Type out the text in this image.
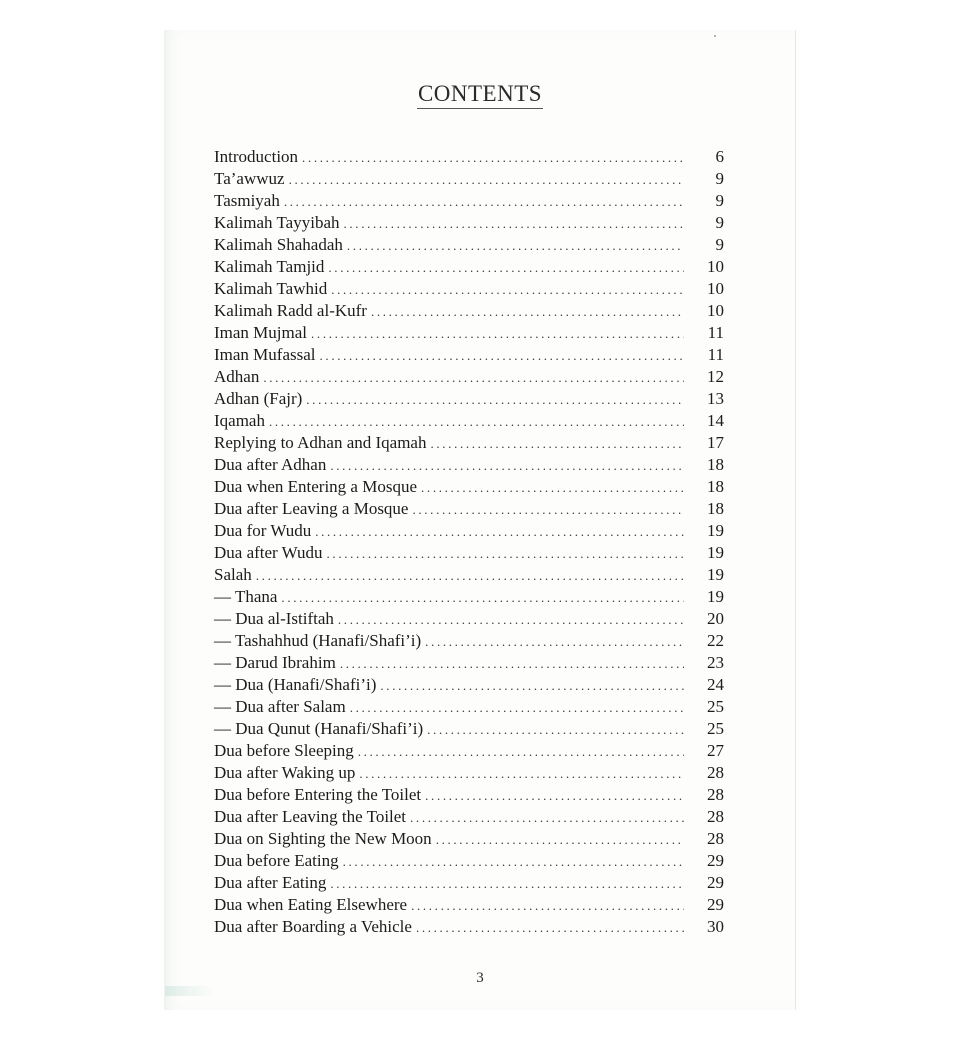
CONTENTS
Introduction . . .	6
Ta’awwuz . . .	9
Tasmiyah . . .	9
Kalimah Tayyibah . . .	9
Kalimah Shahadah . . .	9
Kalimah Tamjid . . .	10
Kalimah Tawhid . . .	10
Kalimah Radd al-Kufr . . .	10
Iman Mujmal . . .	11
Iman Mufassal . . .	11
Adhan . . .	12
Adhan (Fajr) . . .	13
Iqamah . . .	14
Replying to Adhan and Iqamah . . .	17
Dua after Adhan . . .	18
Dua when Entering a Mosque . . .	18
Dua after Leaving a Mosque . . .	18
Dua for Wudu . . .	19
Dua after Wudu . . .	19
Salah . . .	19
— Thana . . .	19
— Dua al-Istiftah . . .	20
— Tashahhud (Hanafi/Shafi’i) . . .	22
— Darud Ibrahim . . .	23
— Dua (Hanafi/Shafi’i) . . .	24
— Dua after Salam . . .	25
— Dua Qunut (Hanafi/Shafi’i) . . .	25
Dua before Sleeping . . .	27
Dua after Waking up . . .	28
Dua before Entering the Toilet . . .	28
Dua after Leaving the Toilet . . .	28
Dua on Sighting the New Moon . . .	28
Dua before Eating . . .	29
Dua after Eating . . .	29
Dua when Eating Elsewhere . . .	29
Dua after Boarding a Vehicle . . .	30
3
